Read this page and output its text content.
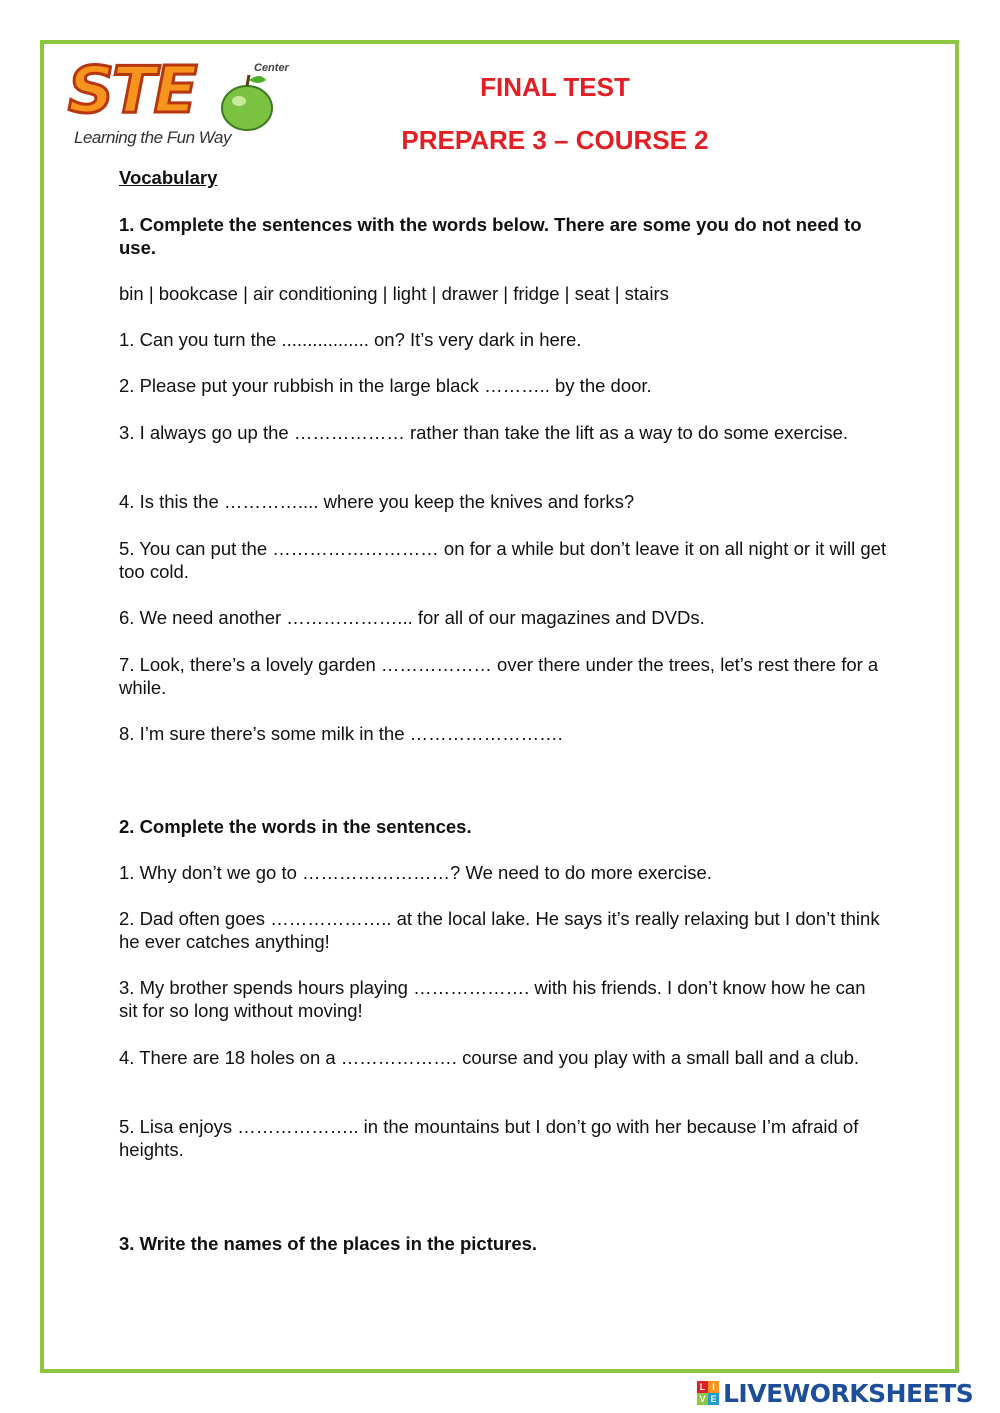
STE	Center
Learning the Fun Way
FINAL TEST
PREPARE 3 – COURSE 2
Vocabulary
1. Complete the sentences with the words below. There are some you do not need to use.
bin | bookcase | air conditioning | light | drawer | fridge | seat | stairs
1. Can you turn the ................. on? It’s very dark in here.
2. Please put your rubbish in the large black ……….. by the door.
3. I always go up the ……………… rather than take the lift as a way to do some exercise.
4. Is this the ………….... where you keep the knives and forks?
5. You can put the ……………………… on for a while but don’t leave it on all night or it will get too cold.
6. We need another ………………... for all of our magazines and DVDs.
7. Look, there’s a lovely garden ……………… over there under the trees, let’s rest there for a while.
8. I’m sure there’s some milk in the …………………….
2. Complete the words in the sentences.
1. Why don’t we go to ……………………? We need to do more exercise.
2. Dad often goes ……………….. at the local lake. He says it’s really relaxing but I don’t think he ever catches anything!
3. My brother spends hours playing ………………. with his friends. I don’t know how he can sit for so long without moving!
4. There are 18 holes on a ………………. course and you play with a small ball and a club.
5. Lisa enjoys ……………….. in the mountains but I don’t go with her because I’m afraid of heights.
3. Write the names of the places in the pictures.
L I
V E LIVEWORKSHEETS
